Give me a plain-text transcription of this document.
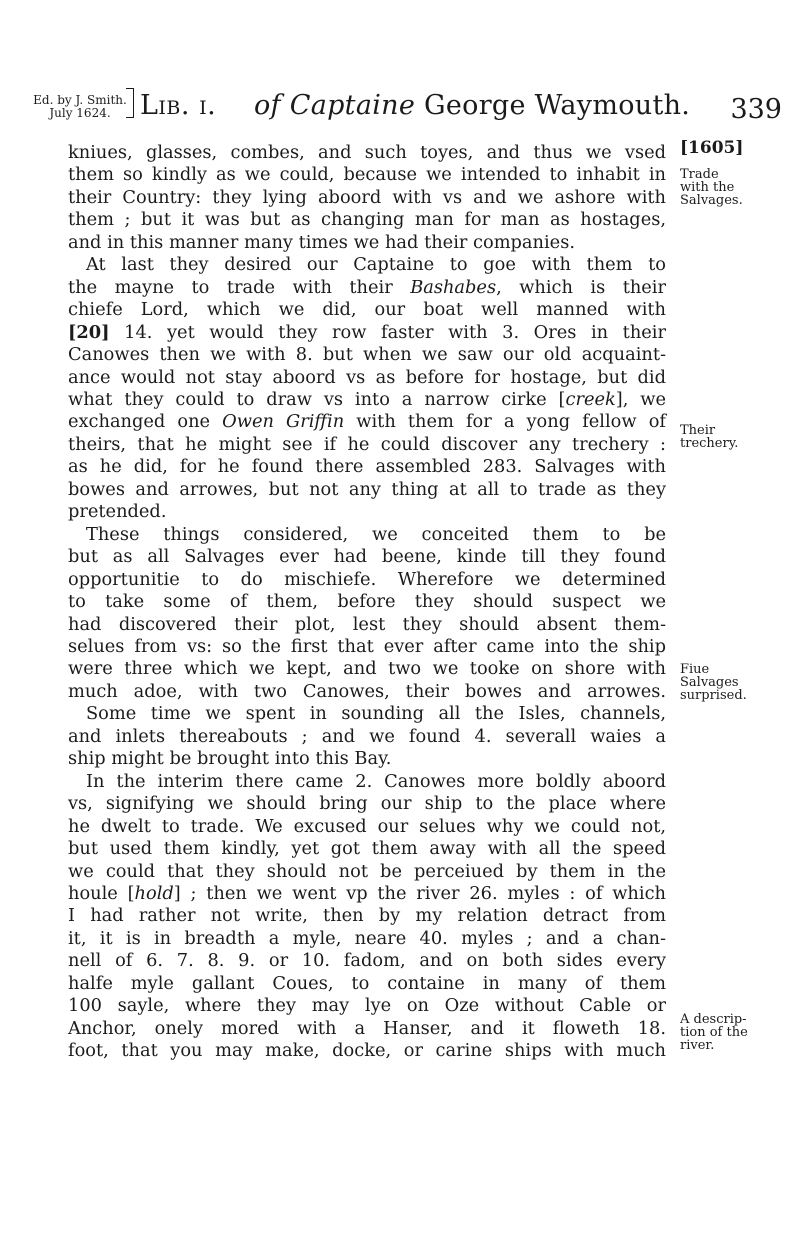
Ed. by J. Smith.
July 1624.	Lib. i. of Captaine George Waymouth. 339
kniues, glasses, combes, and such toyes, and thus we vsed
them so kindly as we could, because we intended to inhabit in
their Country: they lying aboord with vs and we ashore with
them ; but it was but as changing man for man as hostages,
and in this manner many times we had their companies.
At last they desired our Captaine to goe with them to
the mayne to trade with their Bashabes, which is their
chiefe Lord, which we did, our boat well manned with
[20] 14. yet would they row faster with 3. Ores in their
Canowes then we with 8. but when we saw our old acquaint-
ance would not stay aboord vs as before for hostage, but did
what they could to draw vs into a narrow cirke [creek], we
exchanged one Owen Griffin with them for a yong fellow of
theirs, that he might see if he could discover any trechery :
as he did, for he found there assembled 283. Salvages with
bowes and arrowes, but not any thing at all to trade as they
pretended.
These things considered, we conceited them to be
but as all Salvages ever had beene, kinde till they found
opportunitie to do mischiefe. Wherefore we determined
to take some of them, before they should suspect we
had discovered their plot, lest they should absent them-
selues from vs: so the first that ever after came into the ship
were three which we kept, and two we tooke on shore with
much adoe, with two Canowes, their bowes and arrowes.
Some time we spent in sounding all the Isles, channels,
and inlets thereabouts ; and we found 4. severall waies a
ship might be brought into this Bay.
In the interim there came 2. Canowes more boldly aboord
vs, signifying we should bring our ship to the place where
he dwelt to trade. We excused our selues why we could not,
but used them kindly, yet got them away with all the speed
we could that they should not be perceiued by them in the
houle [hold] ; then we went vp the river 26. myles : of which
I had rather not write, then by my relation detract from
it, it is in breadth a myle, neare 40. myles ; and a chan-
nell of 6. 7. 8. 9. or 10. fadom, and on both sides every
halfe myle gallant Coues, to containe in many of them
100 sayle, where they may lye on Oze without Cable or
Anchor, onely mored with a Hanser, and it floweth 18.
foot, that you may make, docke, or carine ships with much
[1605]
Trade
with the
Salvages.
Their
trechery.
Fiue
Salvages
surprised.
A descrip-
tion of the
river.
